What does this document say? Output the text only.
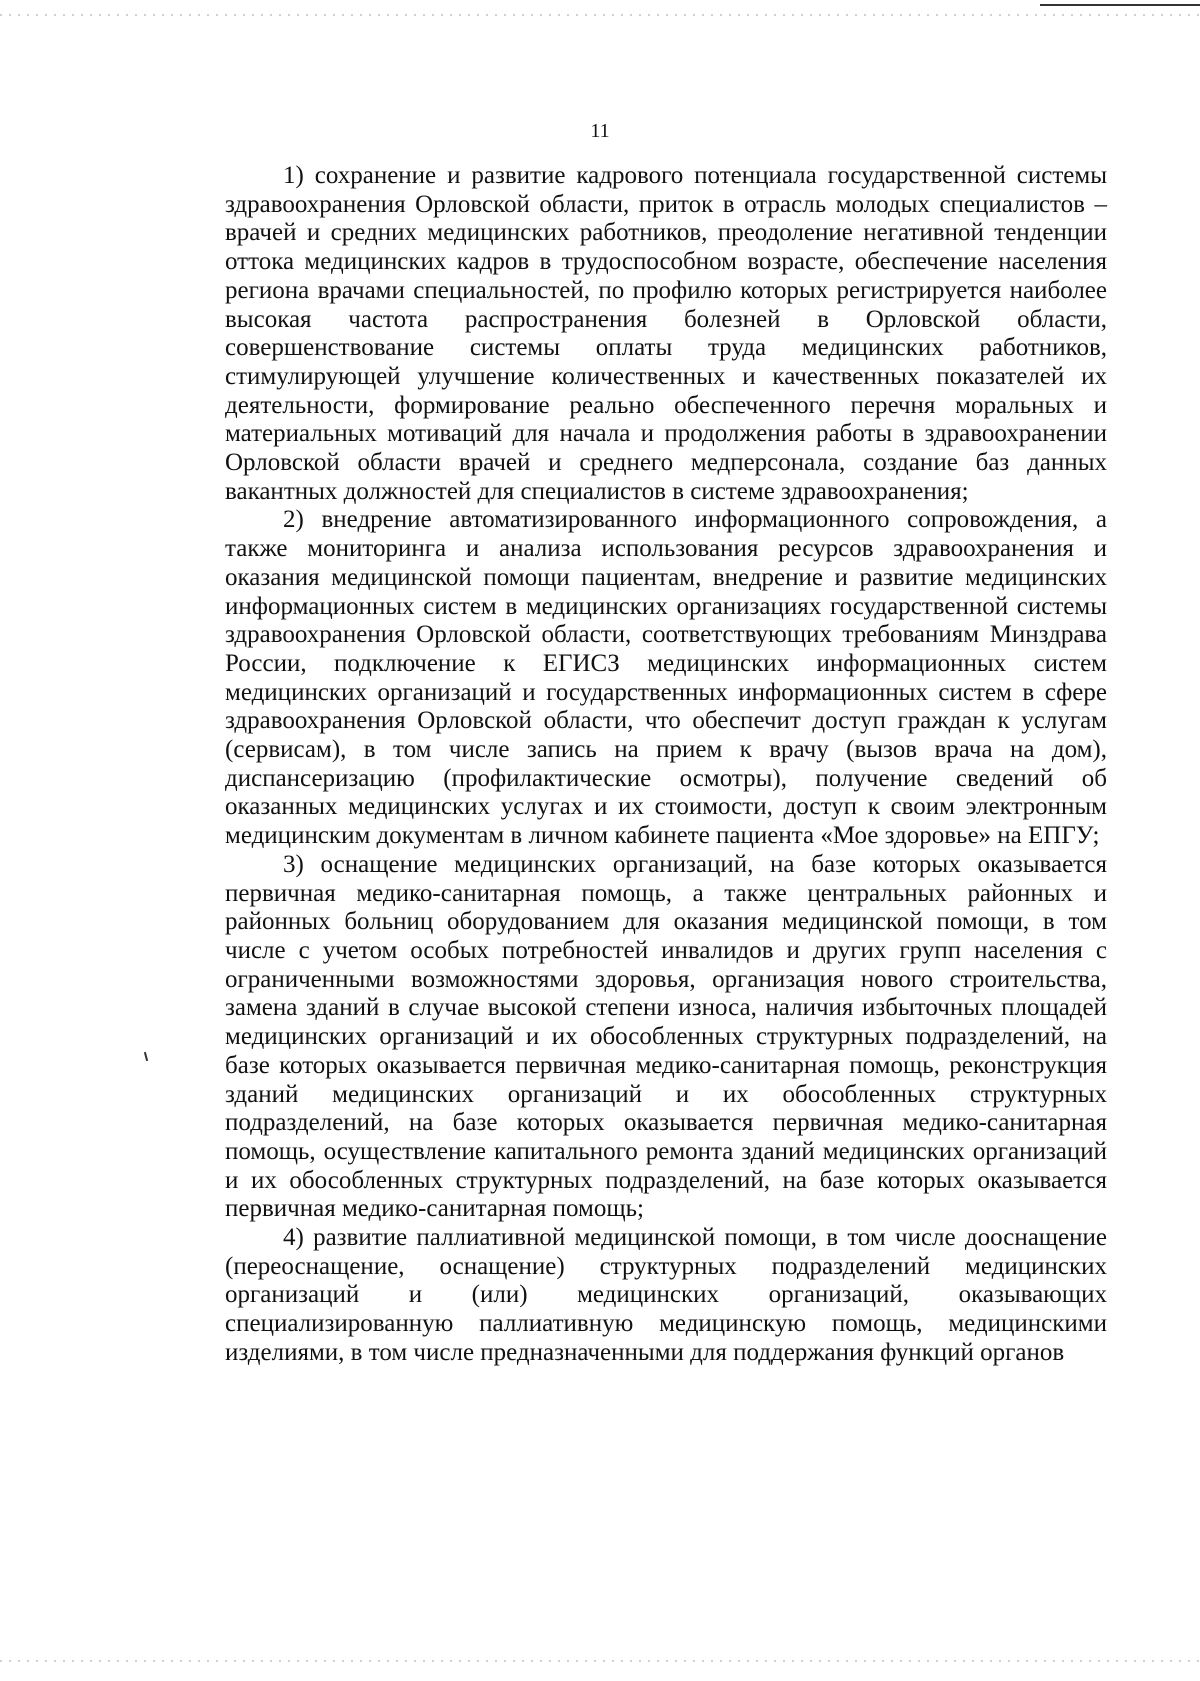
11

1) сохранение и развитие кадрового потенциала государственной системы здравоохранения Орловской области, приток в отрасль молодых специалистов – врачей и средних медицинских работников, преодоление негативной тенденции оттока медицинских кадров в трудоспособном возрасте, обеспечение населения региона врачами специальностей, по профилю которых регистрируется наиболее высокая частота распространения болезней в Орловской области, совершенствование системы оплаты труда медицинских работников, стимулирующей улучшение количественных и качественных показателей их деятельности, формирование реально обеспеченного перечня моральных и материальных мотиваций для начала и продолжения работы в здравоохранении Орловской области врачей и среднего медперсонала, создание баз данных вакантных должностей для специалистов в системе здравоохранения;

2) внедрение автоматизированного информационного сопровождения, а также мониторинга и анализа использования ресурсов здравоохранения и оказания медицинской помощи пациентам, внедрение и развитие медицинских информационных систем в медицинских организациях государственной системы здравоохранения Орловской области, соответствующих требованиям Минздрава России, подключение к ЕГИСЗ медицинских информационных систем медицинских организаций и государственных информационных систем в сфере здравоохранения Орловской области, что обеспечит доступ граждан к услугам (сервисам), в том числе запись на прием к врачу (вызов врача на дом), диспансеризацию (профилактические осмотры), получение сведений об оказанных медицинских услугах и их стоимости, доступ к своим электронным медицинским документам в личном кабинете пациента «Мое здоровье» на ЕПГУ;

3) оснащение медицинских организаций, на базе которых оказывается первичная медико-санитарная помощь, а также центральных районных и районных больниц оборудованием для оказания медицинской помощи, в том числе с учетом особых потребностей инвалидов и других групп населения с ограниченными возможностями здоровья, организация нового строительства, замена зданий в случае высокой степени износа, наличия избыточных площадей медицинских организаций и их обособленных структурных подразделений, на базе которых оказывается первичная медико-санитарная помощь, реконструкция зданий медицинских организаций и их обособленных структурных подразделений, на базе которых оказывается первичная медико-санитарная помощь, осуществление капитального ремонта зданий медицинских организаций и их обособленных структурных подразделений, на базе которых оказывается первичная медико-санитарная помощь;

4) развитие паллиативной медицинской помощи, в том числе дооснащение (переоснащение, оснащение) структурных подразделений медицинских организаций и (или) медицинских организаций, оказывающих специализированную паллиативную медицинскую помощь, медицинскими изделиями, в том числе предназначенными для поддержания функций органов
